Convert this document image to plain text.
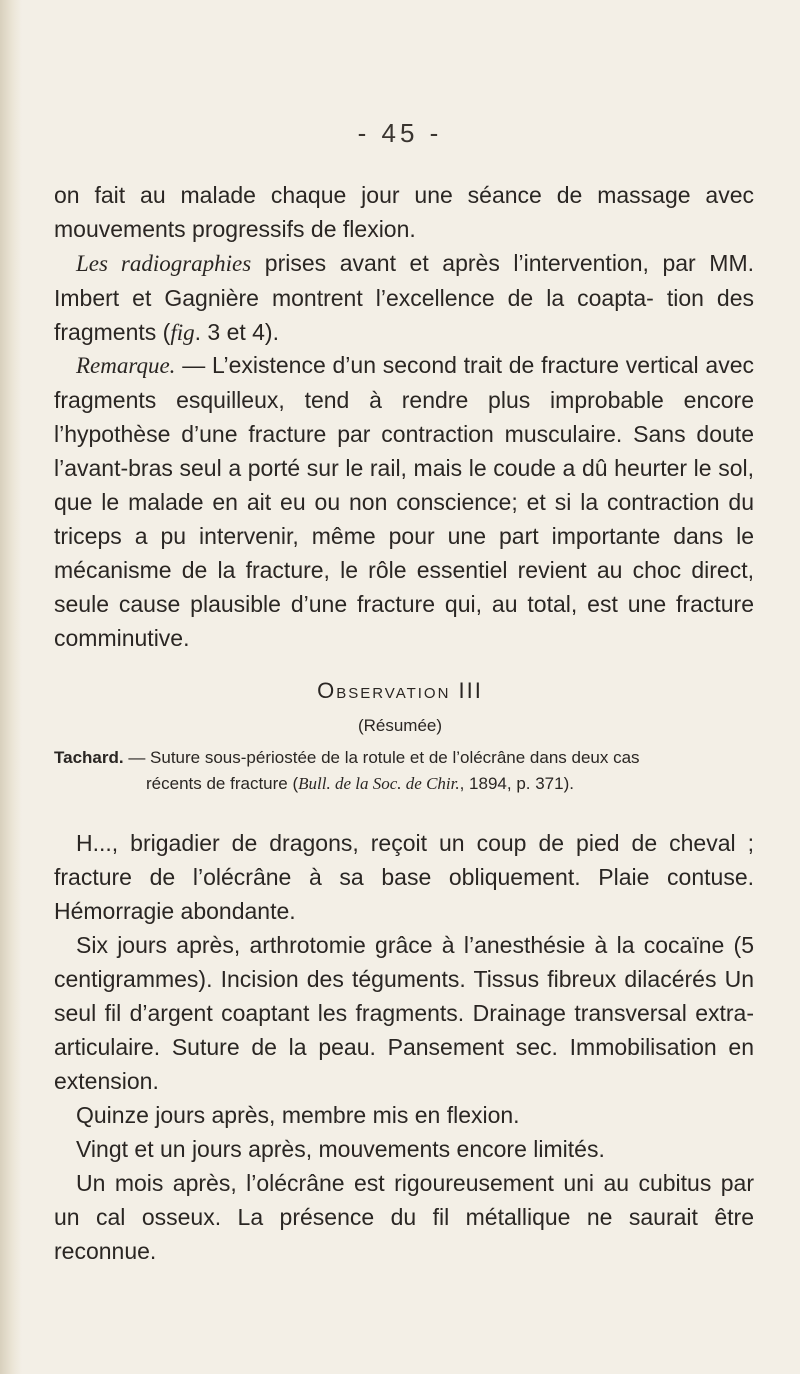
- 45 -

on fait au malade chaque jour une séance de massage avec mouvements progressifs de flexion.

Les radiographies prises avant et après l’intervention, par MM. Imbert et Gagnière montrent l’excellence de la coapta- tion des fragments (fig. 3 et 4).

Remarque. — L’existence d’un second trait de fracture vertical avec fragments esquilleux, tend à rendre plus improbable encore l’hypothèse d’une fracture par contraction musculaire. Sans doute l’avant-bras seul a porté sur le rail, mais le coude a dû heurter le sol, que le malade en ait eu ou non conscience; et si la contraction du triceps a pu intervenir, même pour une part importante dans le mécanisme de la fracture, le rôle essentiel revient au choc direct, seule cause plausible d’une fracture qui, au total, est une fracture comminutive.

Observation III

(Résumée)

Tachard. — Suture sous-périostée de la rotule et de l’olécrâne dans deux cas
récents de fracture (Bull. de la Soc. de Chir., 1894, p. 371).

H..., brigadier de dragons, reçoit un coup de pied de cheval ; fracture de l’olécrâne à sa base obliquement. Plaie contuse. Hémorragie abondante.

Six jours après, arthrotomie grâce à l’anesthésie à la cocaïne (5 centigrammes). Incision des téguments. Tissus fibreux dilacérés Un seul fil d’argent coaptant les fragments. Drainage transversal extra-articulaire. Suture de la peau. Pansement sec. Immobilisation en extension.

Quinze jours après, membre mis en flexion.

Vingt et un jours après, mouvements encore limités.

Un mois après, l’olécrâne est rigoureusement uni au cubitus par un cal osseux. La présence du fil métallique ne saurait être reconnue.
